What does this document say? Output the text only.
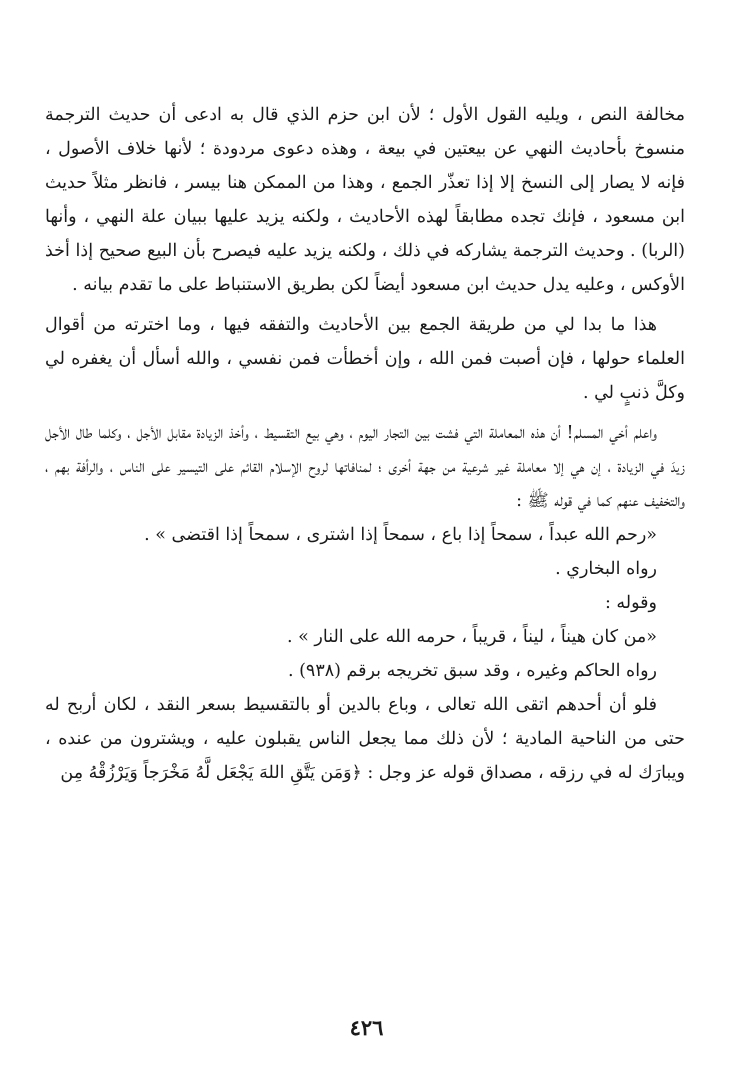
مخالفة النص ، ويليه القول الأول ؛ لأن ابن حزم الذي قال به ادعى أن حديث الترجمة منسوخ بأحاديث النهي عن بيعتين في بيعة ، وهذه دعوى مردودة ؛ لأنها خلاف الأصول ، فإنه لا يصار إلى النسخ إلا إذا تعذّر الجمع ، وهذا من الممكن هنا بيسر ، فانظر مثلاً حديث ابن مسعود ، فإنك تجده مطابقاً لهذه الأحاديث ، ولكنه يزيد عليها ببيان علة النهي ، وأنها (الربا) . وحديث الترجمة يشاركه في ذلك ، ولكنه يزيد عليه فيصرح بأن البيع صحيح إذا أخذ الأوكس ، وعليه يدل حديث ابن مسعود أيضاً لكن بطريق الاستنباط على ما تقدم بيانه .

هذا ما بدا لي من طريقة الجمع بين الأحاديث والتفقه فيها ، وما اخترته من أقوال العلماء حولها ، فإن أصبت فمن الله ، وإن أخطأت فمن نفسي ، والله أسأل أن يغفره لي وكلَّ ذنبٍ لي .

واعلم أخي المسلم! أن هذه المعاملة التي فشت بين التجار اليوم ، وهي بيع التقسيط ، وأخذ الزيادة مقابل الأجل ، وكلما طال الأجل زيدَ في الزيادة ، إن هي إلا معاملة غير شرعية من جهة أخرى ؛ لمنافاتها لروح الإسلام القائم على التيسير على الناس ، والرأفة بهم ، والتخفيف عنهم كما في قوله ﷺ :

«رحم الله عبداً ، سمحاً إذا باع ، سمحاً إذا اشترى ، سمحاً إذا اقتضى » .

رواه البخاري .

وقوله :

«من كان هيناً ، ليناً ، قريباً ، حرمه الله على النار » .

رواه الحاكم وغيره ، وقد سبق تخريجه برقم (٩٣٨) .

فلو أن أحدهم اتقى الله تعالى ، وباع بالدين أو بالتقسيط بسعر النقد ، لكان أربح له حتى من الناحية المادية ؛ لأن ذلك مما يجعل الناس يقبلون عليه ، ويشترون من عنده ، ويبارَك له في رزقه ، مصداق قوله عز وجل : ﴿وَمَن يَتَّقِ اللهَ يَجْعَل لَّهُ مَخْرَجاً وَيَرْزُقْهُ مِن

٤٢٦
